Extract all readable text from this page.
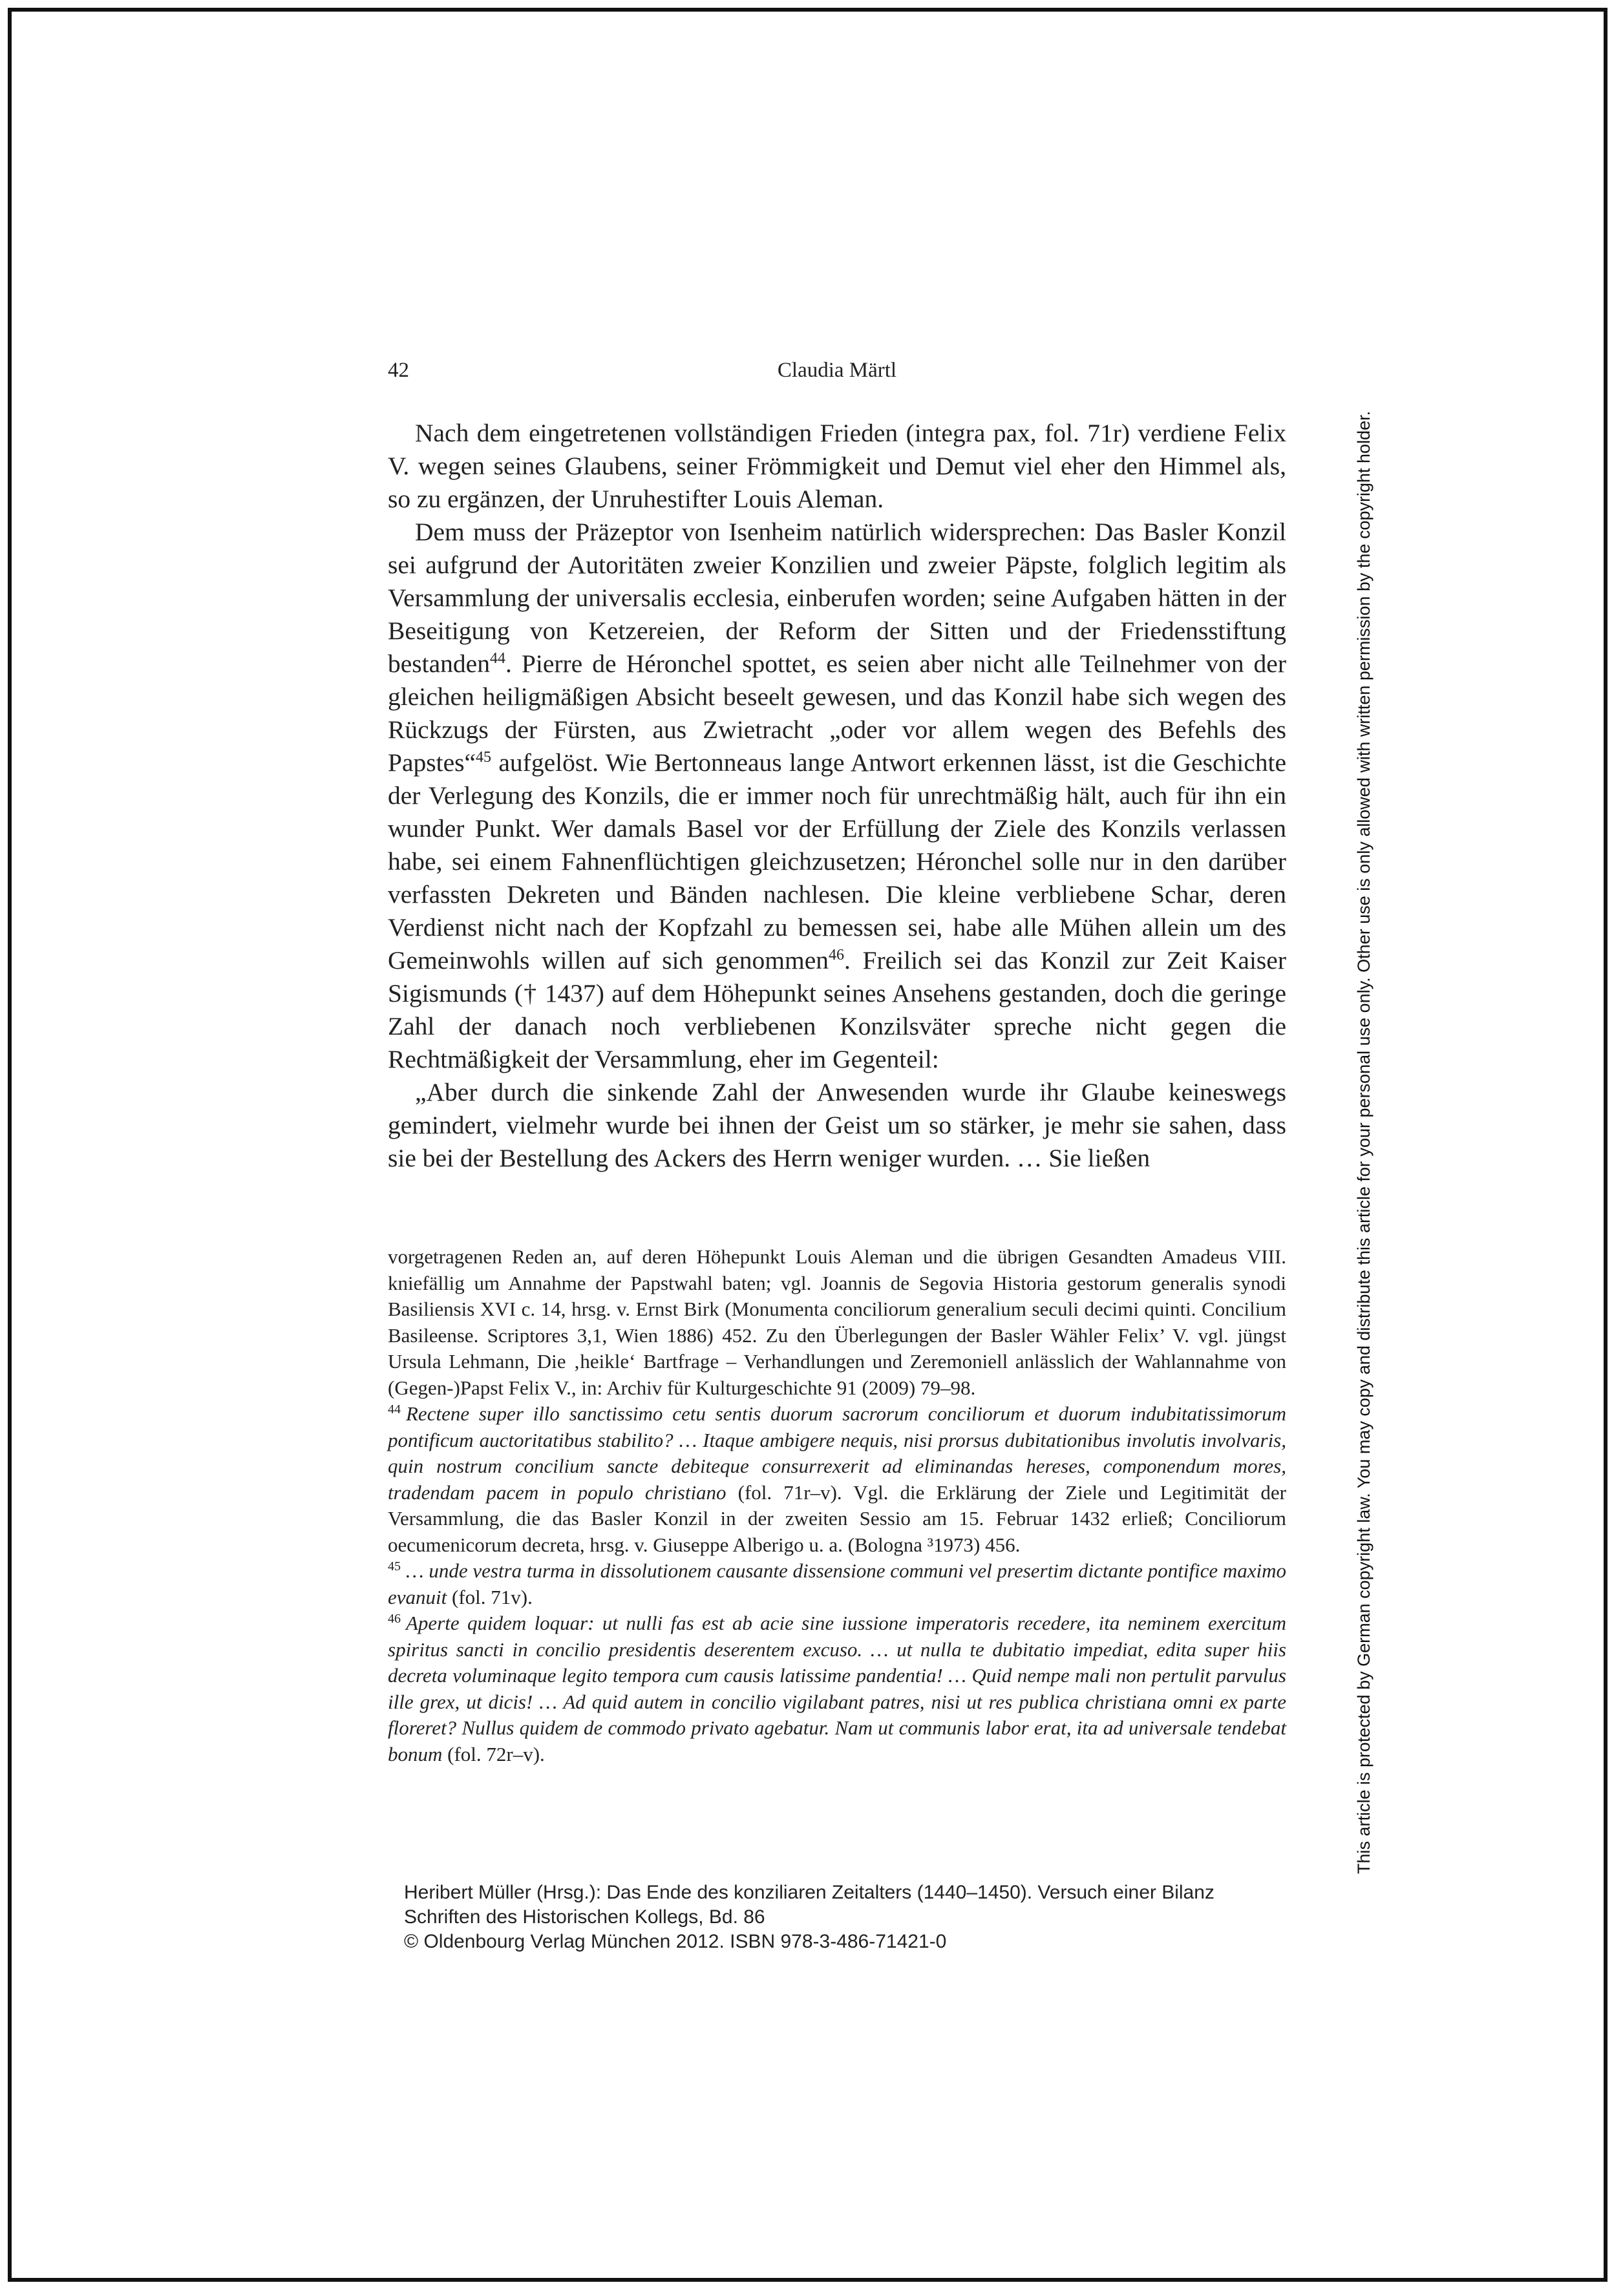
42	Claudia Märtl

Nach dem eingetretenen vollständigen Frieden (integra pax, fol. 71r) verdiene Felix V. wegen seines Glaubens, seiner Frömmigkeit und Demut viel eher den Himmel als, so zu ergänzen, der Unruhestifter Louis Aleman.

Dem muss der Präzeptor von Isenheim natürlich widersprechen: Das Basler Konzil sei aufgrund der Autoritäten zweier Konzilien und zweier Päpste, folglich legitim als Versammlung der universalis ecclesia, einberufen worden; seine Aufgaben hätten in der Beseitigung von Ketzereien, der Reform der Sitten und der Friedensstiftung bestanden$^{44}$. Pierre de Héronchel spottet, es seien aber nicht alle Teilnehmer von der gleichen heiligmäßigen Absicht beseelt gewesen, und das Konzil habe sich wegen des Rückzugs der Fürsten, aus Zwietracht „oder vor allem wegen des Befehls des Papstes“$^{45}$ aufgelöst. Wie Bertonneaus lange Antwort erkennen lässt, ist die Geschichte der Verlegung des Konzils, die er immer noch für unrechtmäßig hält, auch für ihn ein wunder Punkt. Wer damals Basel vor der Erfüllung der Ziele des Konzils verlassen habe, sei einem Fahnenflüchtigen gleichzusetzen; Héronchel solle nur in den darüber verfassten Dekreten und Bänden nachlesen. Die kleine verbliebene Schar, deren Verdienst nicht nach der Kopfzahl zu bemessen sei, habe alle Mühen allein um des Gemeinwohls willen auf sich genommen$^{46}$. Freilich sei das Konzil zur Zeit Kaiser Sigismunds († 1437) auf dem Höhepunkt seines Ansehens gestanden, doch die geringe Zahl der danach noch verbliebenen Konzilsväter spreche nicht gegen die Rechtmäßigkeit der Versammlung, eher im Gegenteil:

„Aber durch die sinkende Zahl der Anwesenden wurde ihr Glaube keineswegs gemindert, vielmehr wurde bei ihnen der Geist um so stärker, je mehr sie sahen, dass sie bei der Bestellung des Ackers des Herrn weniger wurden. … Sie ließen

vorgetragenen Reden an, auf deren Höhepunkt Louis Aleman und die übrigen Gesandten Amadeus VIII. kniefällig um Annahme der Papstwahl baten; vgl. Joannis de Segovia Historia gestorum generalis synodi Basiliensis XVI c. 14, hrsg. v. Ernst Birk (Monumenta conciliorum generalium seculi decimi quinti. Concilium Basileense. Scriptores 3,1, Wien 1886) 452. Zu den Überlegungen der Basler Wähler Felix’ V. vgl. jüngst Ursula Lehmann, Die ‚heikle‘ Bartfrage – Verhandlungen und Zeremoniell anlässlich der Wahlannahme von (Gegen-)Papst Felix V., in: Archiv für Kulturgeschichte 91 (2009) 79–98.

$^{44}$ Rectene super illo sanctissimo cetu sentis duorum sacrorum conciliorum et duorum indubitatissimorum pontificum auctoritatibus stabilito? … Itaque ambigere nequis, nisi prorsus dubitationibus involutis involvaris, quin nostrum concilium sancte debiteque consurrexerit ad eliminandas hereses, componendum mores, tradendam pacem in populo christiano (fol. 71r–v). Vgl. die Erklärung der Ziele und Legitimität der Versammlung, die das Basler Konzil in der zweiten Sessio am 15. Februar 1432 erließ; Conciliorum oecumenicorum decreta, hrsg. v. Giuseppe Alberigo u. a. (Bologna ³1973) 456.

$^{45}$ … unde vestra turma in dissolutionem causante dissensione communi vel presertim dictante pontifice maximo evanuit (fol. 71v).

$^{46}$ Aperte quidem loquar: ut nulli fas est ab acie sine iussione imperatoris recedere, ita neminem exercitum spiritus sancti in concilio presidentis deserentem excuso. … ut nulla te dubitatio impediat, edita super hiis decreta voluminaque legito tempora cum causis latissime pandentia! … Quid nempe mali non pertulit parvulus ille grex, ut dicis! … Ad quid autem in concilio vigilabant patres, nisi ut res publica christiana omni ex parte floreret? Nullus quidem de commodo privato agebatur. Nam ut communis labor erat, ita ad universale tendebat bonum (fol. 72r–v).

Heribert Müller (Hrsg.): Das Ende des konziliaren Zeitalters (1440–1450). Versuch einer Bilanz
Schriften des Historischen Kollegs, Bd. 86
© Oldenbourg Verlag München 2012. ISBN 978-3-486-71421-0
This article is protected by German copyright law. You may copy and distribute this article for your personal use only. Other use is only allowed with written permission by the copyright holder.
